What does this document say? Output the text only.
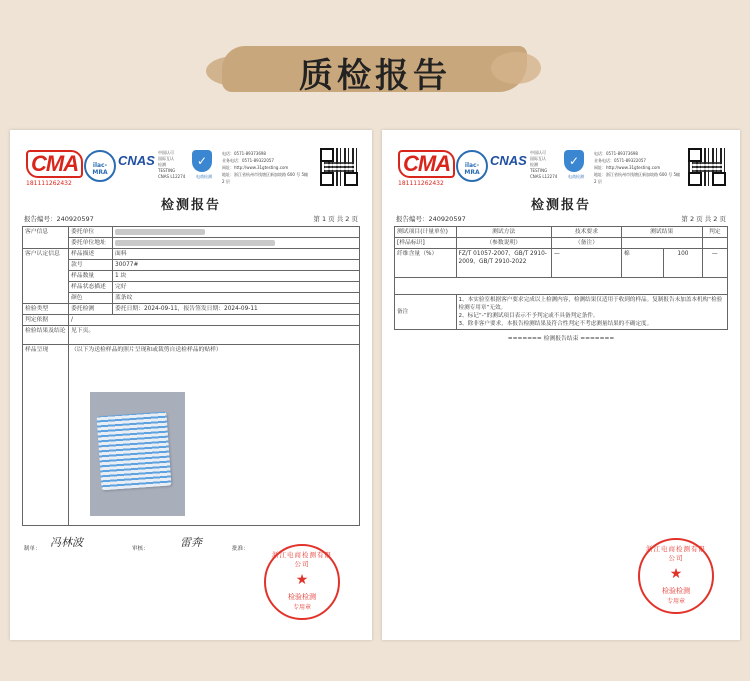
质检报告
CMA
181111262432
ilac-MRA
CNAS
中国认可
国际互认
检测
TESTING
CNAS L12274
✓
电商检测
电话：0571-89373698
业务电话：0571-89322057
网址：http://www.31gtesting.com
地址：浙江省杭州市钱塘区新加坡路 600 号 5幢 2 层
检测报告
报告编号：240920597	第 1 页 共 2 页
客户信息	委托单位	
	委托单位地址	
客户认定信息	样品描述	面料
	款号	30077#
	样品数量	1 块
	样品状态描述	完好
	颜色	蓝条纹
检验类型	委托检测	委托日期：2024-09-11，报告签发日期：2024-09-11
判定依据	/	
检验结果及结论	见下页。	
样品呈现	（以下为送检样品的照片呈现和或裁剪自送检样品的贴样）	
制单： 冯林波	审核：	雷奔	批准：
浙江电商检测有限公司
★
检验检测
专用章
CMA
181111262432
ilac-MRA
CNAS
中国认可
国际互认
检测
TESTING
CNAS L12274
✓
电商检测
电话：0571-89373698
业务电话：0571-89322057
网址：http://www.31gtesting.com
地址：浙江省杭州市钱塘区新加坡路 600 号 5幢 2 层
检测报告
报告编号：240920597	第 2 页 共 2 页
测试项目(计量单位)	测试方法	技术要求	测试结果		判定
[样品标识]	（参数说明）	（备注）			
纤维含量（%）	FZ/T 01057-2007、GB/T 2910-2009、GB/T 2910-2022	—	棉	100	—

备注	1、本实验室根据客户要求完成以上检测内容，检测结果仅适用于收到的样品。复制报告未加盖本机构“检验检测专用章”无效。
2、标记“-”的测试项目表示不予判定或不具备判定条件。
3、除非客户要求，本报告检测结果及符合性判定不考虑测量结果的不确定度。				
======= 检测报告结束 =======
浙江电商检测有限公司
★
检验检测
专用章
